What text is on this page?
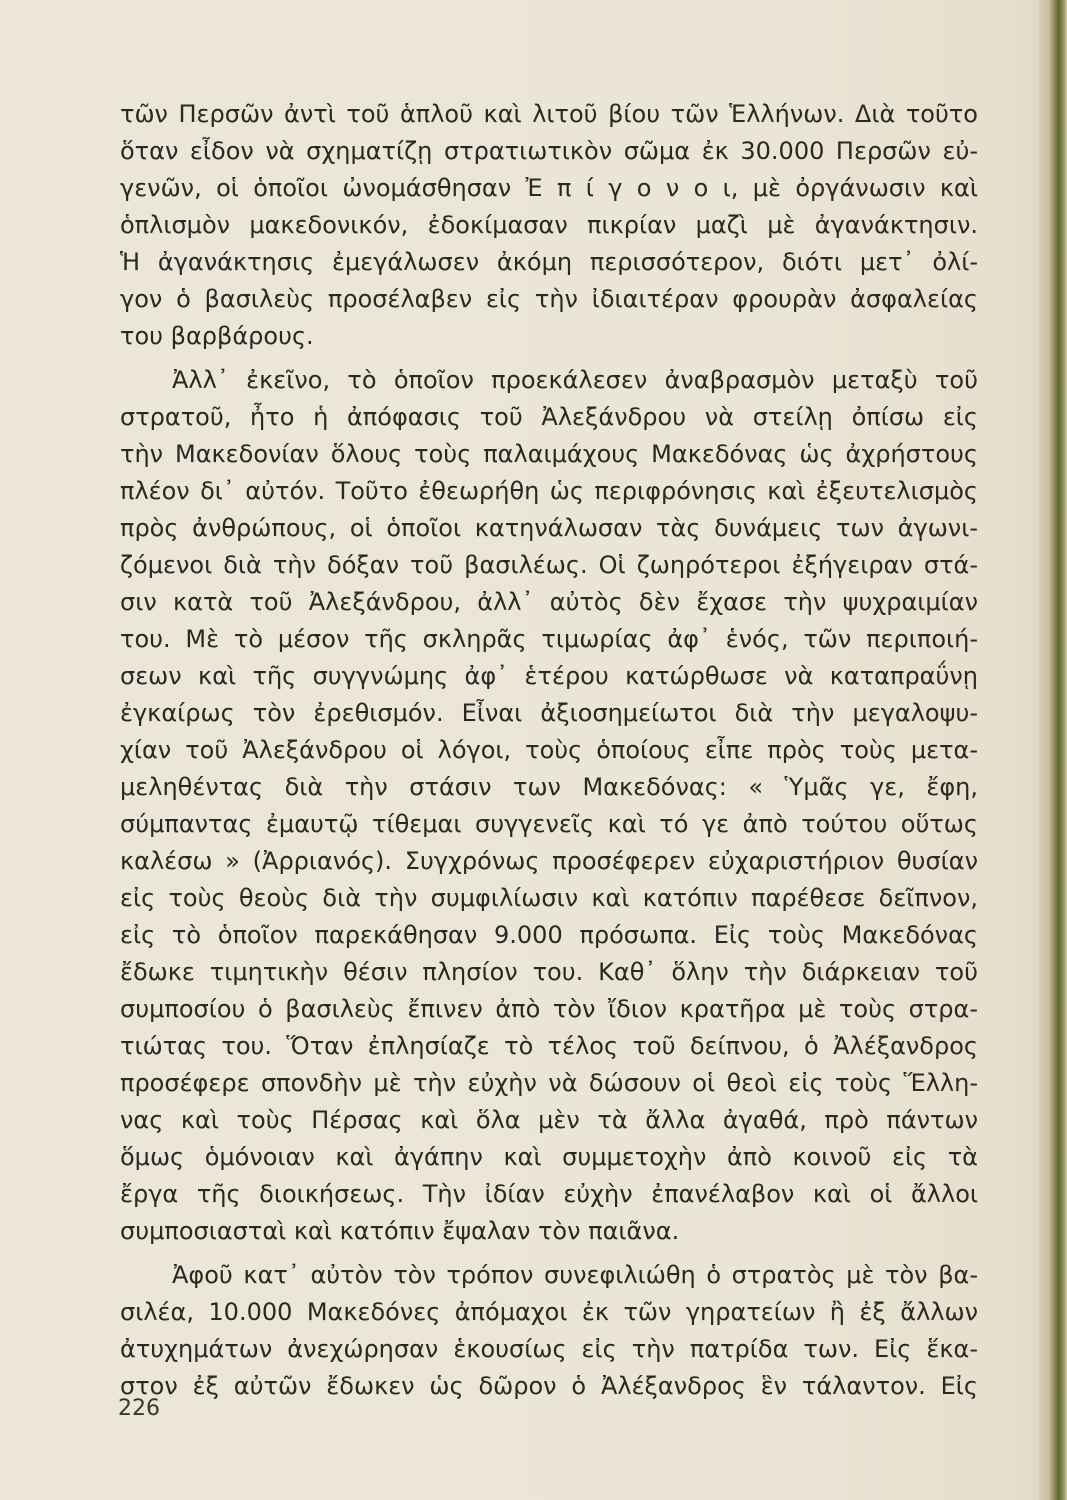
τῶν Περσῶν ἀντὶ τοῦ ἁπλοῦ καὶ λιτοῦ βίου τῶν Ἑλλήνων. Διὰ τοῦτο
ὅταν εἶδον νὰ σχηματίζῃ στρατιωτικὸν σῶμα ἐκ 30.000 Περσῶν εὐ-
γενῶν, οἱ ὁποῖοι ὠνομάσθησαν Ἐ π ί γ ο ν ο ι, μὲ ὀργάνωσιν καὶ
ὁπλισμὸν μακεδονικόν, ἐδοκίμασαν πικρίαν μαζὶ μὲ ἀγανάκτησιν.
Ἡ ἀγανάκτησις ἐμεγάλωσεν ἀκόμη περισσότερον, διότι μετ᾽ ὀλί-
γον ὁ βασιλεὺς προσέλαβεν εἰς τὴν ἰδιαιτέραν φρουρὰν ἀσφαλείας
του βαρβάρους.
Ἀλλ᾽ ἐκεῖνο, τὸ ὁποῖον προεκάλεσεν ἀναβρασμὸν μεταξὺ τοῦ
στρατοῦ, ἦτο ἡ ἀπόφασις τοῦ Ἀλεξάνδρου νὰ στείλῃ ὀπίσω εἰς
τὴν Μακεδονίαν ὅλους τοὺς παλαιμάχους Μακεδόνας ὡς ἀχρήστους
πλέον δι᾽ αὐτόν. Τοῦτο ἐθεωρήθη ὡς περιφρόνησις καὶ ἐξευτελισμὸς
πρὸς ἀνθρώπους, οἱ ὁποῖοι κατηνάλωσαν τὰς δυνάμεις των ἀγωνι-
ζόμενοι διὰ τὴν δόξαν τοῦ βασιλέως. Οἱ ζωηρότεροι ἐξήγειραν στά-
σιν κατὰ τοῦ Ἀλεξάνδρου, ἀλλ᾽ αὐτὸς δὲν ἔχασε τὴν ψυχραιμίαν
του. Μὲ τὸ μέσον τῆς σκληρᾶς τιμωρίας ἀφ᾽ ἑνός, τῶν περιποιή-
σεων καὶ τῆς συγγνώμης ἀφ᾽ ἑτέρου κατώρθωσε νὰ καταπραΰνῃ
ἐγκαίρως τὸν ἐρεθισμόν. Εἶναι ἀξιοσημείωτοι διὰ τὴν μεγαλοψυ-
χίαν τοῦ Ἀλεξάνδρου οἱ λόγοι, τοὺς ὁποίους εἶπε πρὸς τοὺς μετα-
μεληθέντας διὰ τὴν στάσιν των Μακεδόνας: « Ὑμᾶς γε, ἔφη,
σύμπαντας ἐμαυτῷ τίθεμαι συγγενεῖς καὶ τό γε ἀπὸ τούτου οὕτως
καλέσω » (Ἀρριανός). Συγχρόνως προσέφερεν εὐχαριστήριον θυσίαν
εἰς τοὺς θεοὺς διὰ τὴν συμφιλίωσιν καὶ κατόπιν παρέθεσε δεῖπνον,
εἰς τὸ ὁποῖον παρεκάθησαν 9.000 πρόσωπα. Εἰς τοὺς Μακεδόνας
ἔδωκε τιμητικὴν θέσιν πλησίον του. Καθ᾽ ὅλην τὴν διάρκειαν τοῦ
συμποσίου ὁ βασιλεὺς ἔπινεν ἀπὸ τὸν ἴδιον κρατῆρα μὲ τοὺς στρα-
τιώτας του. Ὅταν ἐπλησίαζε τὸ τέλος τοῦ δείπνου, ὁ Ἀλέξανδρος
προσέφερε σπονδὴν μὲ τὴν εὐχὴν νὰ δώσουν οἱ θεοὶ εἰς τοὺς Ἕλλη-
νας καὶ τοὺς Πέρσας καὶ ὅλα μὲν τὰ ἄλλα ἀγαθά, πρὸ πάντων
ὅμως ὁμόνοιαν καὶ ἀγάπην καὶ συμμετοχὴν ἀπὸ κοινοῦ εἰς τὰ
ἔργα τῆς διοικήσεως. Τὴν ἰδίαν εὐχὴν ἐπανέλαβον καὶ οἱ ἄλλοι
συμποσιασταὶ καὶ κατόπιν ἔψαλαν τὸν παιᾶνα.
Ἀφοῦ κατ᾽ αὐτὸν τὸν τρόπον συνεφιλιώθη ὁ στρατὸς μὲ τὸν βα-
σιλέα, 10.000 Μακεδόνες ἀπόμαχοι ἐκ τῶν γηρατείων ἢ ἐξ ἄλλων
ἀτυχημάτων ἀνεχώρησαν ἑκουσίως εἰς τὴν πατρίδα των. Εἰς ἕκα-
στον ἐξ αὐτῶν ἔδωκεν ὡς δῶρον ὁ Ἀλέξανδρος ἓν τάλαντον. Εἰς
226
